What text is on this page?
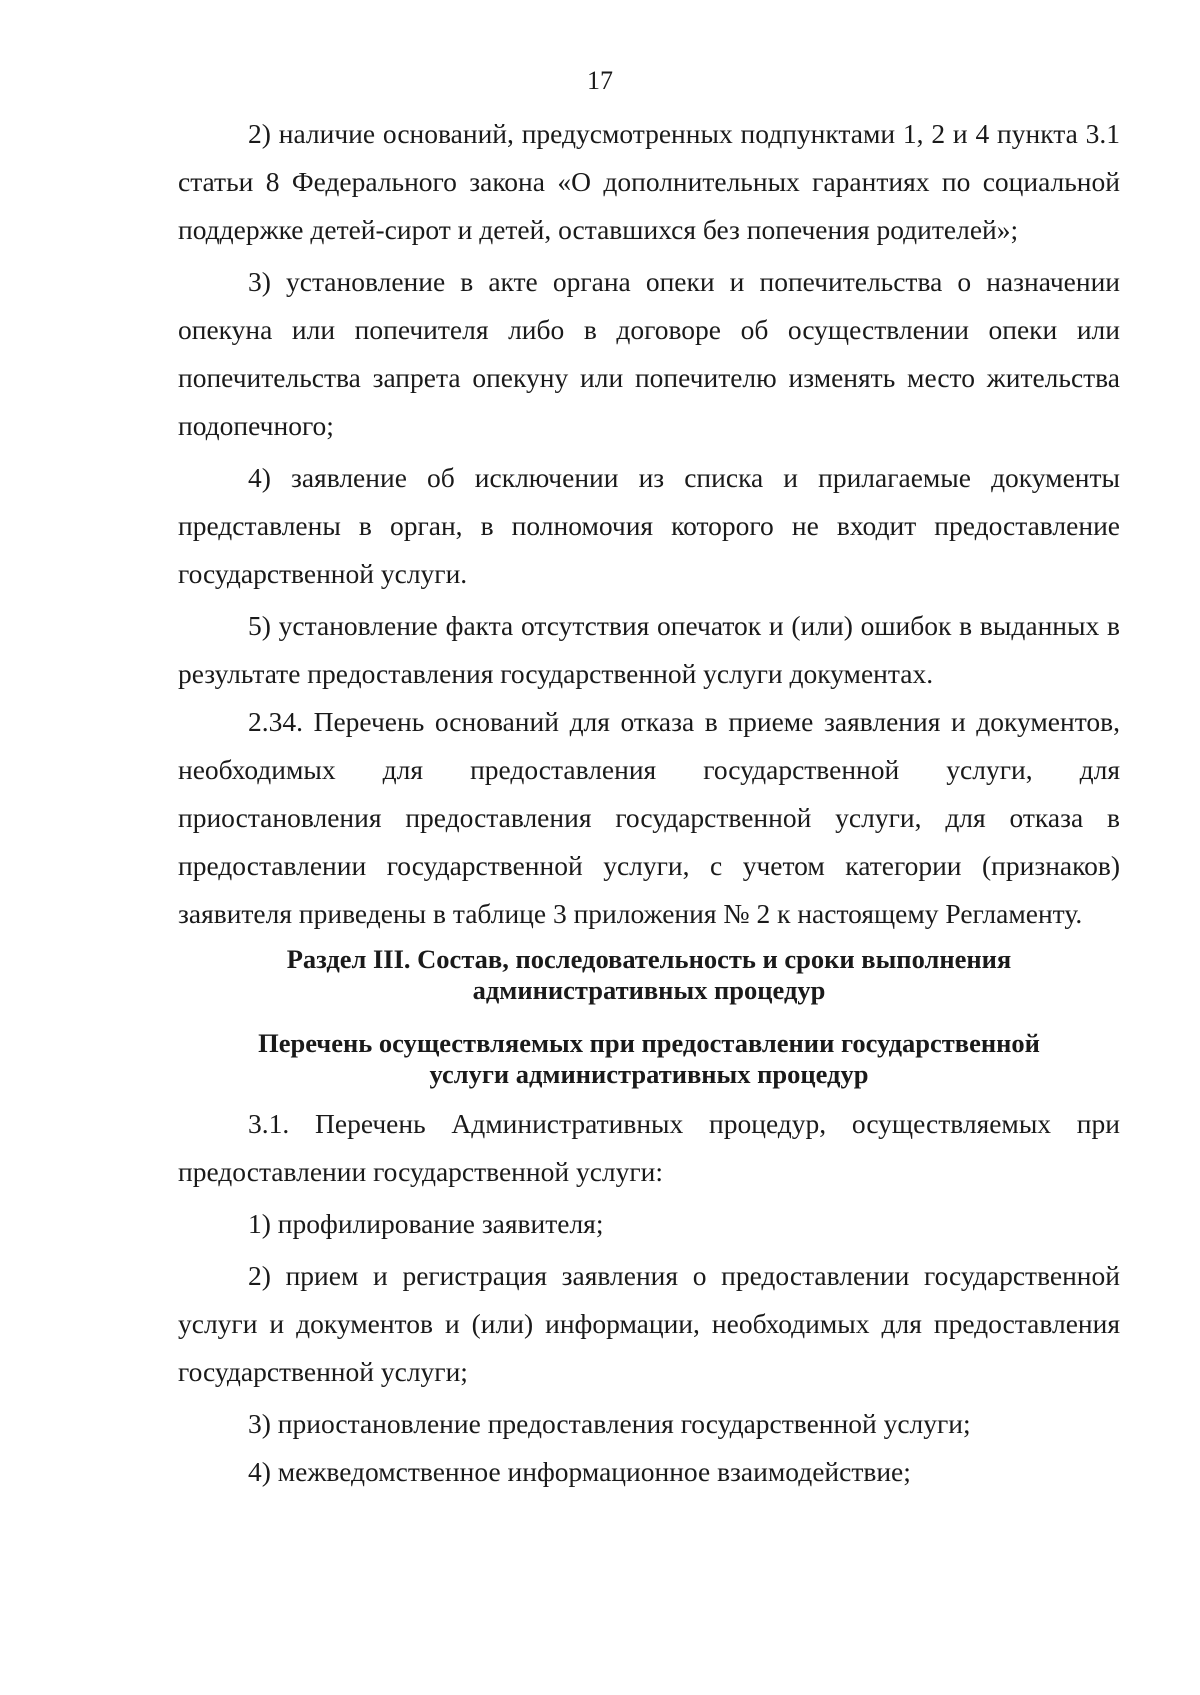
17

2) наличие оснований, предусмотренных подпунктами 1, 2 и 4 пункта 3.1 статьи 8 Федерального закона «О дополнительных гарантиях по социальной поддержке детей-сирот и детей, оставшихся без попечения родителей»;

3) установление в акте органа опеки и попечительства о назначении опекуна или попечителя либо в договоре об осуществлении опеки или попечительства запрета опекуну или попечителю изменять место жительства подопечного;

4) заявление об исключении из списка и прилагаемые документы представлены в орган, в полномочия которого не входит предоставление государственной услуги.

5) установление факта отсутствия опечаток и (или) ошибок в выданных в результате предоставления государственной услуги документах.

2.34. Перечень оснований для отказа в приеме заявления и документов, необходимых для предоставления государственной услуги, для приостановления предоставления государственной услуги, для отказа в предоставлении государственной услуги, с учетом категории (признаков) заявителя приведены в таблице 3 приложения № 2 к настоящему Регламенту.

Раздел III. Состав, последовательность и сроки выполнения административных процедур
Перечень осуществляемых при предоставлении государственной услуги административных процедур

3.1. Перечень Административных процедур, осуществляемых при предоставлении государственной услуги:

1) профилирование заявителя;

2) прием и регистрация заявления о предоставлении государственной услуги и документов и (или) информации, необходимых для предоставления государственной услуги;

3) приостановление предоставления государственной услуги;

4) межведомственное информационное взаимодействие;
